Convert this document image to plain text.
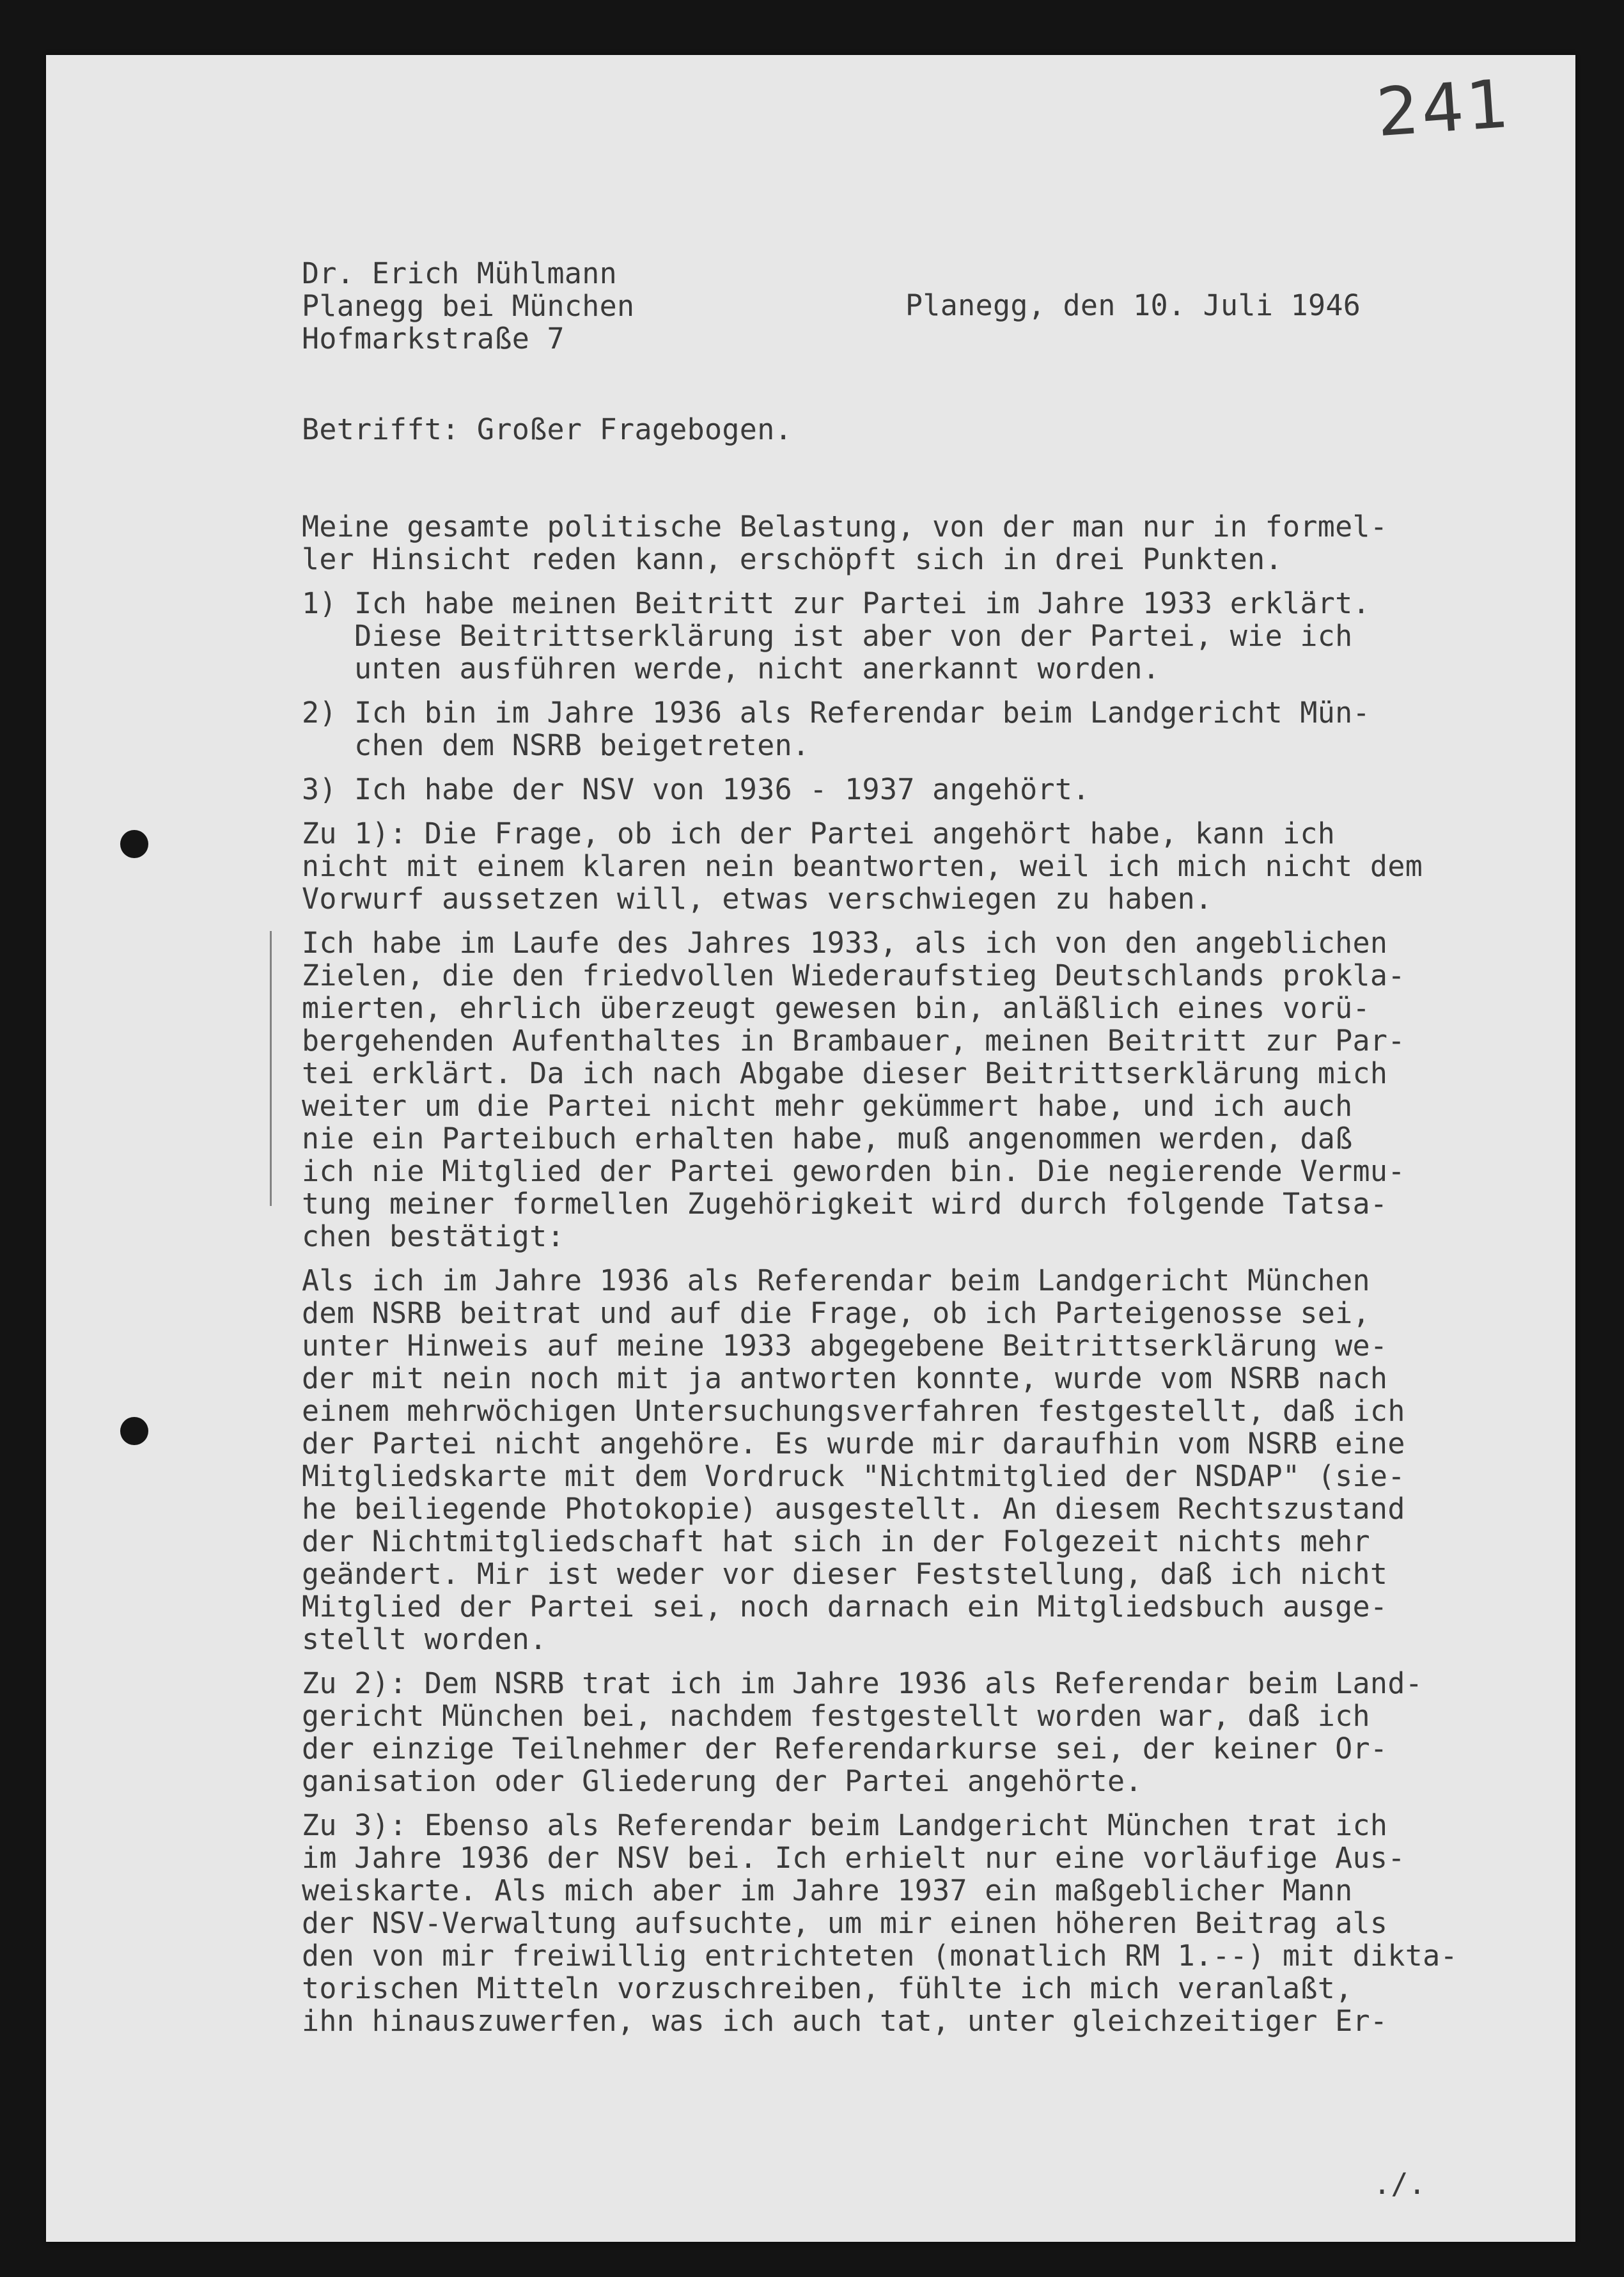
241
Dr. Erich Mühlmann
Planegg bei München
Hofmarkstraße 7
Planegg, den 10. Juli 1946
Betrifft: Großer Fragebogen.
Meine gesamte politische Belastung, von der man nur in formel-
ler Hinsicht reden kann, erschöpft sich in drei Punkten.
1) Ich habe meinen Beitritt zur Partei im Jahre 1933 erklärt.
Diese Beitrittserklärung ist aber von der Partei, wie ich
unten ausführen werde, nicht anerkannt worden.
2) Ich bin im Jahre 1936 als Referendar beim Landgericht Mün-
chen dem NSRB beigetreten.
3) Ich habe der NSV von 1936 - 1937 angehört.
Zu 1): Die Frage, ob ich der Partei angehört habe, kann ich
nicht mit einem klaren nein beantworten, weil ich mich nicht dem
Vorwurf aussetzen will, etwas verschwiegen zu haben.
Ich habe im Laufe des Jahres 1933, als ich von den angeblichen
Zielen, die den friedvollen Wiederaufstieg Deutschlands prokla-
mierten, ehrlich überzeugt gewesen bin, anläßlich eines vorü-
bergehenden Aufenthaltes in Brambauer, meinen Beitritt zur Par-
tei erklärt. Da ich nach Abgabe dieser Beitrittserklärung mich
weiter um die Partei nicht mehr gekümmert habe, und ich auch
nie ein Parteibuch erhalten habe, muß angenommen werden, daß
ich nie Mitglied der Partei geworden bin. Die negierende Vermu-
tung meiner formellen Zugehörigkeit wird durch folgende Tatsa-
chen bestätigt:
Als ich im Jahre 1936 als Referendar beim Landgericht München
dem NSRB beitrat und auf die Frage, ob ich Parteigenosse sei,
unter Hinweis auf meine 1933 abgegebene Beitrittserklärung we-
der mit nein noch mit ja antworten konnte, wurde vom NSRB nach
einem mehrwöchigen Untersuchungsverfahren festgestellt, daß ich
der Partei nicht angehöre. Es wurde mir daraufhin vom NSRB eine
Mitgliedskarte mit dem Vordruck "Nichtmitglied der NSDAP" (sie-
he beiliegende Photokopie) ausgestellt. An diesem Rechtszustand
der Nichtmitgliedschaft hat sich in der Folgezeit nichts mehr
geändert. Mir ist weder vor dieser Feststellung, daß ich nicht
Mitglied der Partei sei, noch darnach ein Mitgliedsbuch ausge-
stellt worden.
Zu 2): Dem NSRB trat ich im Jahre 1936 als Referendar beim Land-
gericht München bei, nachdem festgestellt worden war, daß ich
der einzige Teilnehmer der Referendarkurse sei, der keiner Or-
ganisation oder Gliederung der Partei angehörte.
Zu 3): Ebenso als Referendar beim Landgericht München trat ich
im Jahre 1936 der NSV bei. Ich erhielt nur eine vorläufige Aus-
weiskarte. Als mich aber im Jahre 1937 ein maßgeblicher Mann
der NSV-Verwaltung aufsuchte, um mir einen höheren Beitrag als
den von mir freiwillig entrichteten (monatlich RM 1.--) mit dikta-
torischen Mitteln vorzuschreiben, fühlte ich mich veranlaßt,
ihn hinauszuwerfen, was ich auch tat, unter gleichzeitiger Er-
./.
